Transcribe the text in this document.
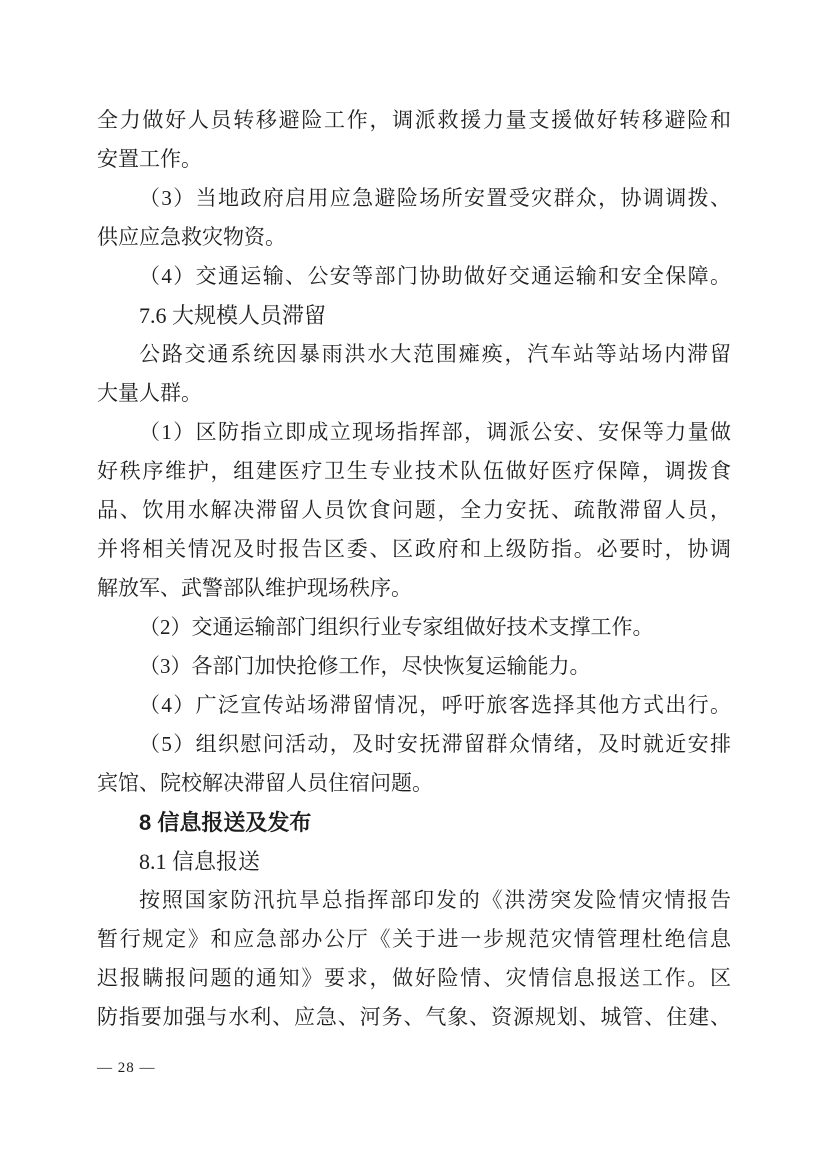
全力做好人员转移避险工作，调派救援力量支援做好转移避险和
安置工作。
（3）当地政府启用应急避险场所安置受灾群众，协调调拨、
供应应急救灾物资。
（4）交通运输、公安等部门协助做好交通运输和安全保障。
7.6 大规模人员滞留
公路交通系统因暴雨洪水大范围瘫痪，汽车站等站场内滞留
大量人群。
（1）区防指立即成立现场指挥部，调派公安、安保等力量做
好秩序维护，组建医疗卫生专业技术队伍做好医疗保障，调拨食
品、饮用水解决滞留人员饮食问题，全力安抚、疏散滞留人员，
并将相关情况及时报告区委、区政府和上级防指。必要时，协调
解放军、武警部队维护现场秩序。
（2）交通运输部门组织行业专家组做好技术支撑工作。
（3）各部门加快抢修工作，尽快恢复运输能力。
（4）广泛宣传站场滞留情况，呼吁旅客选择其他方式出行。
（5）组织慰问活动，及时安抚滞留群众情绪，及时就近安排
宾馆、院校解决滞留人员住宿问题。
8 信息报送及发布
8.1 信息报送
按照国家防汛抗旱总指挥部印发的《洪涝突发险情灾情报告
暂行规定》和应急部办公厅《关于进一步规范灾情管理杜绝信息
迟报瞒报问题的通知》要求，做好险情、灾情信息报送工作。区
防指要加强与水利、应急、河务、气象、资源规划、城管、住建、
— 28 —
